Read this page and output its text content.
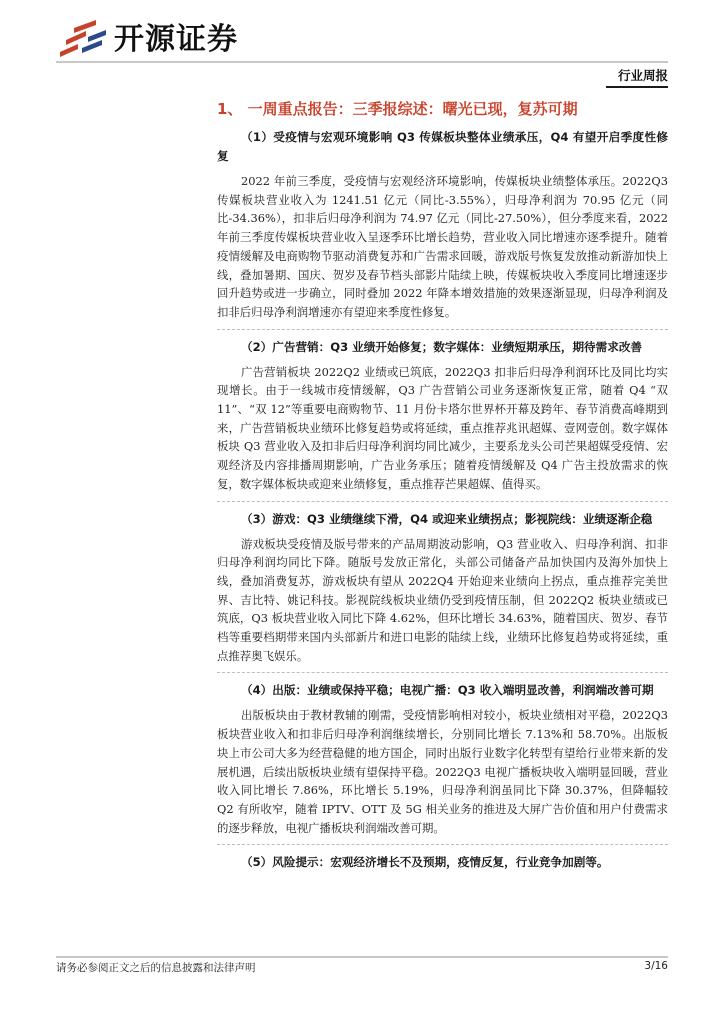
开源证券
行业周报
1、 一周重点报告：三季报综述：曙光已现，复苏可期

（1）受疫情与宏观环境影响 Q3 传媒板块整体业绩承压，Q4 有望开启季度性修复

2022 年前三季度，受疫情与宏观经济环境影响，传媒板块业绩整体承压。2022Q3 传媒板块营业收入为 1241.51 亿元（同比-3.55%），归母净利润为 70.95 亿元（同比-34.36%），扣非后归母净利润为 74.97 亿元（同比-27.50%），但分季度来看，2022 年前三季度传媒板块营业收入呈逐季环比增长趋势，营业收入同比增速亦逐季提升。随着疫情缓解及电商购物节驱动消费复苏和广告需求回暖，游戏版号恢复发放推动新游加快上线，叠加暑期、国庆、贺岁及春节档头部影片陆续上映，传媒板块收入季度同比增速逐步回升趋势或进一步确立，同时叠加 2022 年降本增效措施的效果逐渐显现，归母净利润及扣非后归母净利润增速亦有望迎来季度性修复。

（2）广告营销：Q3 业绩开始修复；数字媒体：业绩短期承压，期待需求改善

广告营销板块 2022Q2 业绩或已筑底，2022Q3 扣非后归母净利润环比及同比均实现增长。由于一线城市疫情缓解，Q3 广告营销公司业务逐渐恢复正常，随着 Q4 “双 11”、“双 12”等重要电商购物节、11 月份卡塔尔世界杯开幕及跨年、春节消费高峰期到来，广告营销板块业绩环比修复趋势或将延续，重点推荐兆讯超媒、壹网壹创。数字媒体板块 Q3 营业收入及扣非后归母净利润均同比减少，主要系龙头公司芒果超媒受疫情、宏观经济及内容排播周期影响，广告业务承压；随着疫情缓解及 Q4 广告主投放需求的恢复，数字媒体板块或迎来业绩修复，重点推荐芒果超媒、值得买。

（3）游戏：Q3 业绩继续下滑，Q4 或迎来业绩拐点；影视院线：业绩逐渐企稳

游戏板块受疫情及版号带来的产品周期波动影响，Q3 营业收入、归母净利润、扣非归母净利润均同比下降。随版号发放正常化，头部公司储备产品加快国内及海外加快上线，叠加消费复苏，游戏板块有望从 2022Q4 开始迎来业绩向上拐点，重点推荐完美世界、吉比特、姚记科技。影视院线板块业绩仍受到疫情压制，但 2022Q2 板块业绩或已筑底，Q3 板块营业收入同比下降 4.62%，但环比增长 34.63%，随着国庆、贺岁、春节档等重要档期带来国内头部新片和进口电影的陆续上线，业绩环比修复趋势或将延续，重点推荐奥飞娱乐。

（4）出版：业绩或保持平稳；电视广播：Q3 收入端明显改善，利润端改善可期

出版板块由于教材教辅的刚需，受疫情影响相对较小，板块业绩相对平稳，2022Q3 板块营业收入和扣非后归母净利润继续增长，分别同比增长 7.13%和 58.70%。出版板块上市公司大多为经营稳健的地方国企，同时出版行业数字化转型有望给行业带来新的发展机遇，后续出版板块业绩有望保持平稳。2022Q3 电视广播板块收入端明显回暖，营业收入同比增长 7.86%，环比增长 5.19%，归母净利润虽同比下降 30.37%，但降幅较 Q2 有所收窄，随着 IPTV、OTT 及 5G 相关业务的推进及大屏广告价值和用户付费需求的逐步释放，电视广播板块利润端改善可期。

（5）风险提示：宏观经济增长不及预期，疫情反复，行业竞争加剧等。

请务必参阅正文之后的信息披露和法律声明	3/16
